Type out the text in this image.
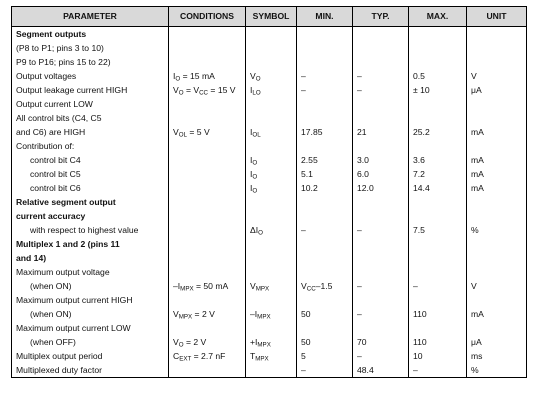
PARAMETER	CONDITIONS	SYMBOL	MIN.	TYP.	MAX.	UNIT
Segment outputs						
(P8 to P1; pins 3 to 10)						
P9 to P16; pins 15 to 22)						
Output voltages	$I_O = 15$ mA	$V_O$	–	–	0.5	V
Output leakage current HIGH	$V_O = V_{CC} = 15$ V	$I_{LO}$	–	–	± 10	μA
Output current LOW						
All control bits (C4, C5						
and C6) are HIGH	$V_{OL} = 5$ V	$I_{OL}$	17.85	21	25.2	mA
Contribution of:						
control bit C4		$I_O$	2.55	3.0	3.6	mA
control bit C5		$I_O$	5.1	6.0	7.2	mA
control bit C6		$I_O$	10.2	12.0	14.4	mA
Relative segment output						
current accuracy						
with respect to highest value		$\Delta I_O$	–	–	7.5	%
Multiplex 1 and 2 (pins 11						
and 14)						
Maximum output voltage						
(when ON)	$-I_{MPX} = 50$ mA	$V_{MPX}$	$V_{CC}-1.5$	–	–	V
Maximum output current HIGH						
(when ON)	$V_{MPX} = 2$ V	$-I_{MPX}$	50	–	110	mA
Maximum output current LOW						
(when OFF)	$V_O = 2$ V	$+I_{MPX}$	50	70	110	μA
Multiplex output period	$C_{EXT} = 2.7$ nF	$T_{MPX}$	5	–	10	ms
Multiplexed duty factor			–	48.4	–	%
